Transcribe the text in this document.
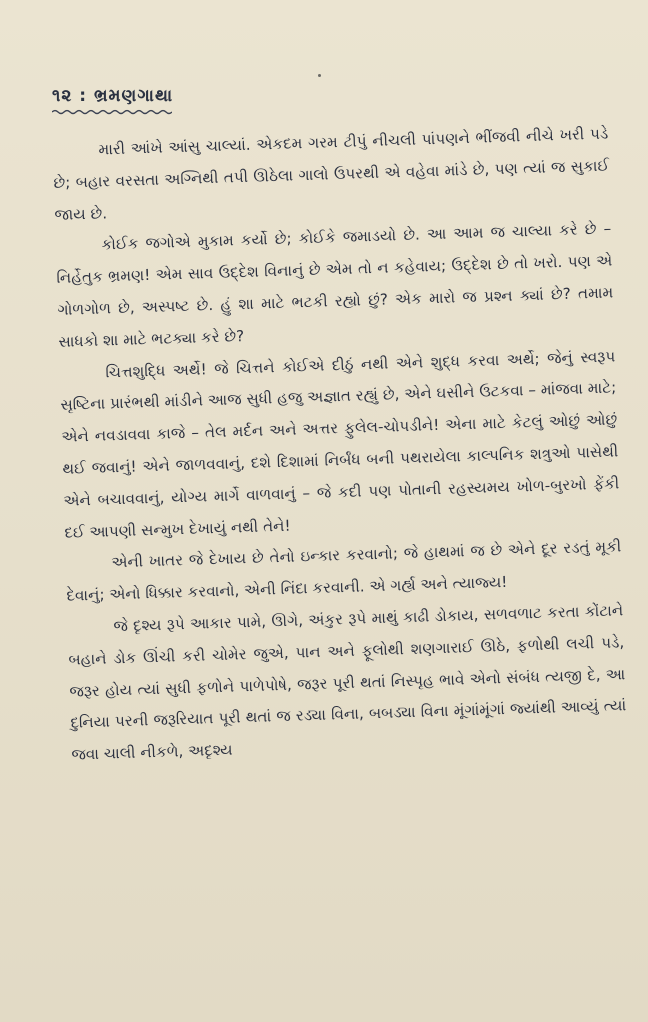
૧૨ : ભ્રમણગાથા

મારી આંખે આંસુ ચાલ્યાં. એકદમ ગરમ ટીપું નીચલી પાંપણને ભીંજવી નીચે ખરી પડે છે; બહાર વરસતા અગ્નિથી તપી ઊઠેલા ગાલો ઉપરથી એ વહેવા માંડે છે, પણ ત્યાં જ સુકાઈ જાય છે.

કોઈક જગોએ મુકામ કર્યો છે; કોઈકે જમાડયો છે. આ આમ જ ચાલ્યા કરે છે – નિર્હેતુક ભ્રમણ! એમ સાવ ઉદ્દેશ વિનાનું છે એમ તો ન કહેવાય; ઉદ્દેશ છે તો ખરો. પણ એ ગોળગોળ છે, અસ્પષ્ટ છે. હું શા માટે ભટકી રહ્યો છું? એક મારો જ પ્રશ્ન ક્યાં છે? તમામ સાધકો શા માટે ભટક્યા કરે છે?

ચિત્તશુદ્ધિ અર્થે! જે ચિત્તને કોઈએ દીઠું નથી એને શુદ્ધ કરવા અર્થે; જેનું સ્વરૂપ સૃષ્ટિના પ્રારંભથી માંડીને આજ સુધી હજુ અજ્ઞાત રહ્યું છે, એને ઘસીને ઉટકવા – માંજવા માટે; એને નવડાવવા કાજે – તેલ મર્દન અને અત્તર ફુલેલ-ચોપડીને! એના માટે કેટલું ઓછું ઓછું થઈ જવાનું! એને જાળવવાનું, દશે દિશામાં નિર્બંધ બની પથરાયેલા કાલ્પનિક શત્રુઓ પાસેથી એને બચાવવાનું, યોગ્ય માર્ગે વાળવાનું – જે કદી પણ પોતાની રહસ્યમય ખોળ-બુરખો ફેંકી દઈ આપણી સન્મુખ દેખાયું નથી તેને!

એની ખાતર જે દેખાય છે તેનો ઇન્કાર કરવાનો; જે હાથમાં જ છે એને દૂર રડતું મૂકી દેવાનું; એનો ધિક્કાર કરવાનો, એની નિંદા કરવાની. એ ગર્હ્ય અને ત્યાજ્ય!

જે દૃશ્ય રૂપે આકાર પામે, ઊગે, અંકુર રૂપે માથું કાઢી ડોકાય, સળવળાટ કરતા કોંટાને બહાને ડોક ઊંચી કરી ચોમેર જુએ, પાન અને ફૂલોથી શણગારાઈ ઊઠે, ફળોથી લચી પડે, જરૂર હોય ત્યાં સુધી ફળોને પાળેપોષે, જરૂર પૂરી થતાં નિસ્પૃહ ભાવે એનો સંબંધ ત્યજી દે, આ દુનિયા પરની જરૂરિયાત પૂરી થતાં જ રડ્યા વિના, બબડ્યા વિના મૂંગાંમૂંગાં જ્યાંથી આવ્યું ત્યાં જવા ચાલી નીકળે, અદૃશ્ય
